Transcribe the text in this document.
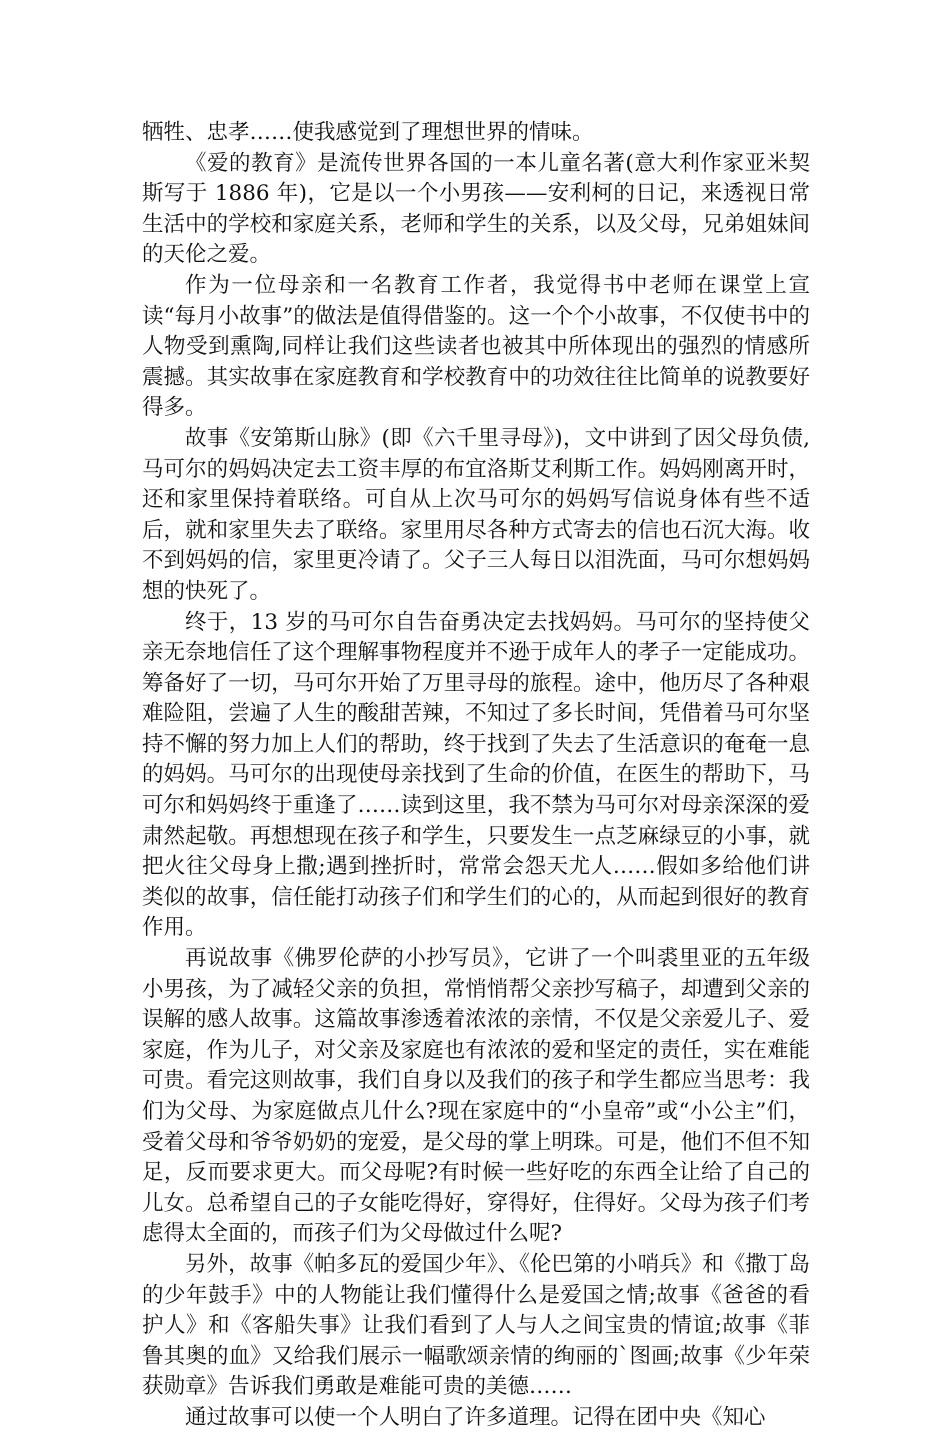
牺牲、忠孝……使我感觉到了理想世界的情味。

《爱的教育》是流传世界各国的一本儿童名著(意大利作家亚米契斯写于 1886 年)，它是以一个小男孩——安利柯的日记，来透视日常生活中的学校和家庭关系，老师和学生的关系，以及父母，兄弟姐妹间的天伦之爱。

作为一位母亲和一名教育工作者，我觉得书中老师在课堂上宣读“每月小故事”的做法是值得借鉴的。这一个个小故事，不仅使书中的人物受到熏陶,同样让我们这些读者也被其中所体现出的强烈的情感所震撼。其实故事在家庭教育和学校教育中的功效往往比简单的说教要好得多。

故事《安第斯山脉》(即《六千里寻母》)，文中讲到了因父母负债,马可尔的妈妈决定去工资丰厚的布宜洛斯艾利斯工作。妈妈刚离开时，还和家里保持着联络。可自从上次马可尔的妈妈写信说身体有些不适后，就和家里失去了联络。家里用尽各种方式寄去的信也石沉大海。收不到妈妈的信，家里更冷请了。父子三人每日以泪洗面，马可尔想妈妈想的快死了。

终于，13 岁的马可尔自告奋勇决定去找妈妈。马可尔的坚持使父亲无奈地信任了这个理解事物程度并不逊于成年人的孝子一定能成功。筹备好了一切，马可尔开始了万里寻母的旅程。途中，他历尽了各种艰难险阻，尝遍了人生的酸甜苦辣，不知过了多长时间，凭借着马可尔坚持不懈的努力加上人们的帮助，终于找到了失去了生活意识的奄奄一息的妈妈。马可尔的出现使母亲找到了生命的价值，在医生的帮助下，马可尔和妈妈终于重逢了……读到这里，我不禁为马可尔对母亲深深的爱肃然起敬。再想想现在孩子和学生，只要发生一点芝麻绿豆的小事，就把火往父母身上撒;遇到挫折时，常常会怨天尤人……假如多给他们讲类似的故事，信任能打动孩子们和学生们的心的，从而起到很好的教育作用。

再说故事《佛罗伦萨的小抄写员》，它讲了一个叫裘里亚的五年级小男孩，为了减轻父亲的负担，常悄悄帮父亲抄写稿子，却遭到父亲的误解的感人故事。这篇故事渗透着浓浓的亲情，不仅是父亲爱儿子、爱家庭，作为儿子，对父亲及家庭也有浓浓的爱和坚定的责任，实在难能可贵。看完这则故事，我们自身以及我们的孩子和学生都应当思考：我们为父母、为家庭做点儿什么?现在家庭中的“小皇帝”或“小公主”们，受着父母和爷爷奶奶的宠爱，是父母的掌上明珠。可是，他们不但不知足，反而要求更大。而父母呢?有时候一些好吃的东西全让给了自己的儿女。总希望自己的子女能吃得好，穿得好，住得好。父母为孩子们考虑得太全面的，而孩子们为父母做过什么呢?

另外，故事《帕多瓦的爱国少年》、《伦巴第的小哨兵》和《撒丁岛的少年鼓手》中的人物能让我们懂得什么是爱国之情;故事《爸爸的看护人》和《客船失事》让我们看到了人与人之间宝贵的情谊;故事《菲鲁其奥的血》又给我们展示一幅歌颂亲情的绚丽的`图画;故事《少年荣获勋章》告诉我们勇敢是难能可贵的美德……

通过故事可以使一个人明白了许多道理。记得在团中央《知心
